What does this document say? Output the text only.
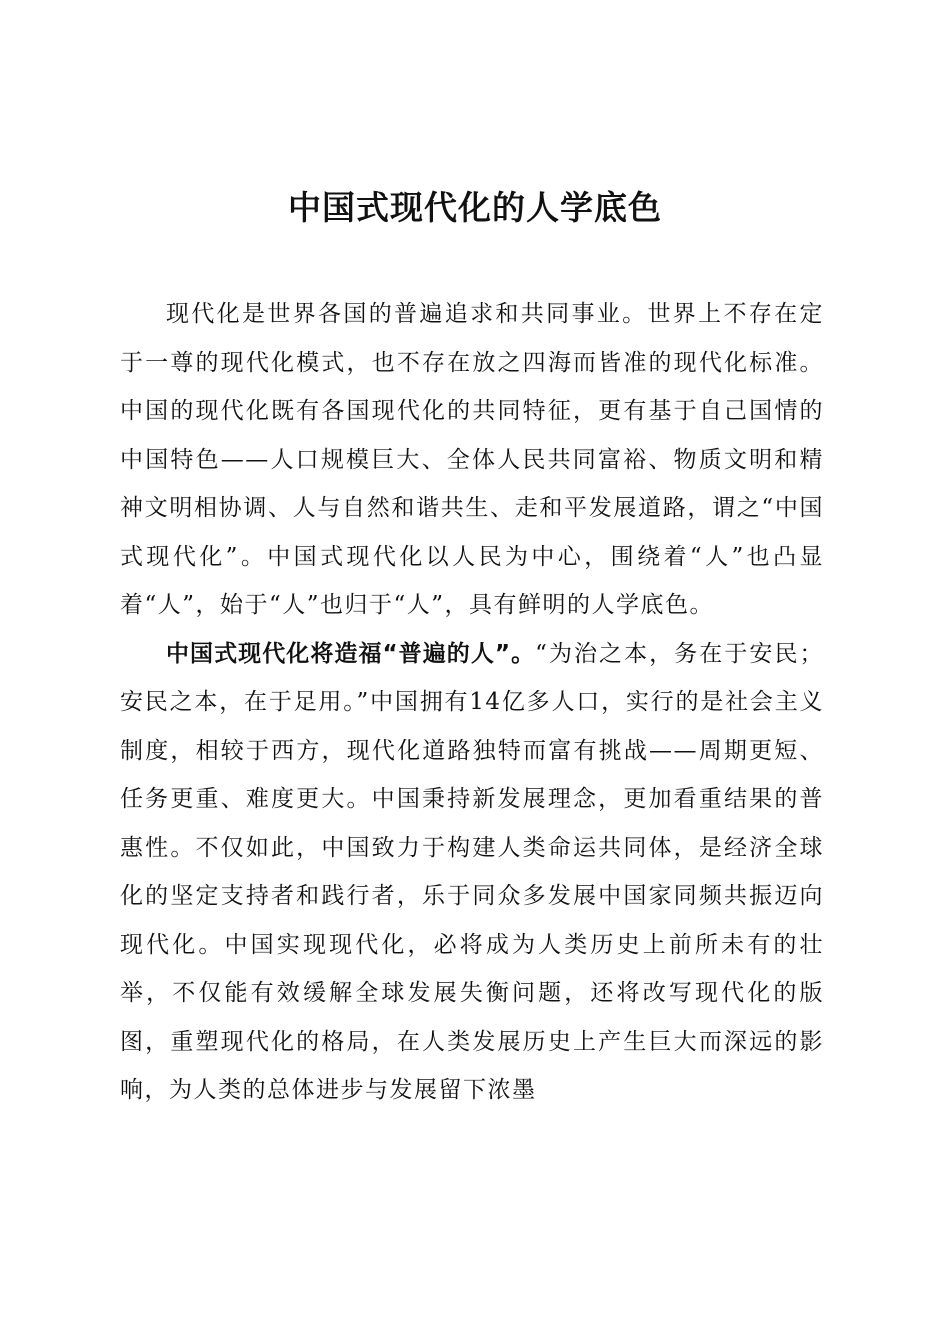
中国式现代化的人学底色

现代化是世界各国的普遍追求和共同事业。世界上不存在定于一尊的现代化模式，也不存在放之四海而皆准的现代化标准。中国的现代化既有各国现代化的共同特征，更有基于自己国情的中国特色——人口规模巨大、全体人民共同富裕、物质文明和精神文明相协调、人与自然和谐共生、走和平发展道路，谓之“中国式现代化”。中国式现代化以人民为中心，围绕着“人”也凸显着“人”，始于“人”也归于“人”，具有鲜明的人学底色。

中国式现代化将造福“普遍的人”。“为治之本，务在于安民；安民之本，在于足用。”中国拥有14亿多人口，实行的是社会主义制度，相较于西方，现代化道路独特而富有挑战——周期更短、任务更重、难度更大。中国秉持新发展理念，更加看重结果的普惠性。不仅如此，中国致力于构建人类命运共同体，是经济全球化的坚定支持者和践行者，乐于同众多发展中国家同频共振迈向现代化。中国实现现代化，必将成为人类历史上前所未有的壮举，不仅能有效缓解全球发展失衡问题，还将改写现代化的版图，重塑现代化的格局，在人类发展历史上产生巨大而深远的影响，为人类的总体进步与发展留下浓墨
